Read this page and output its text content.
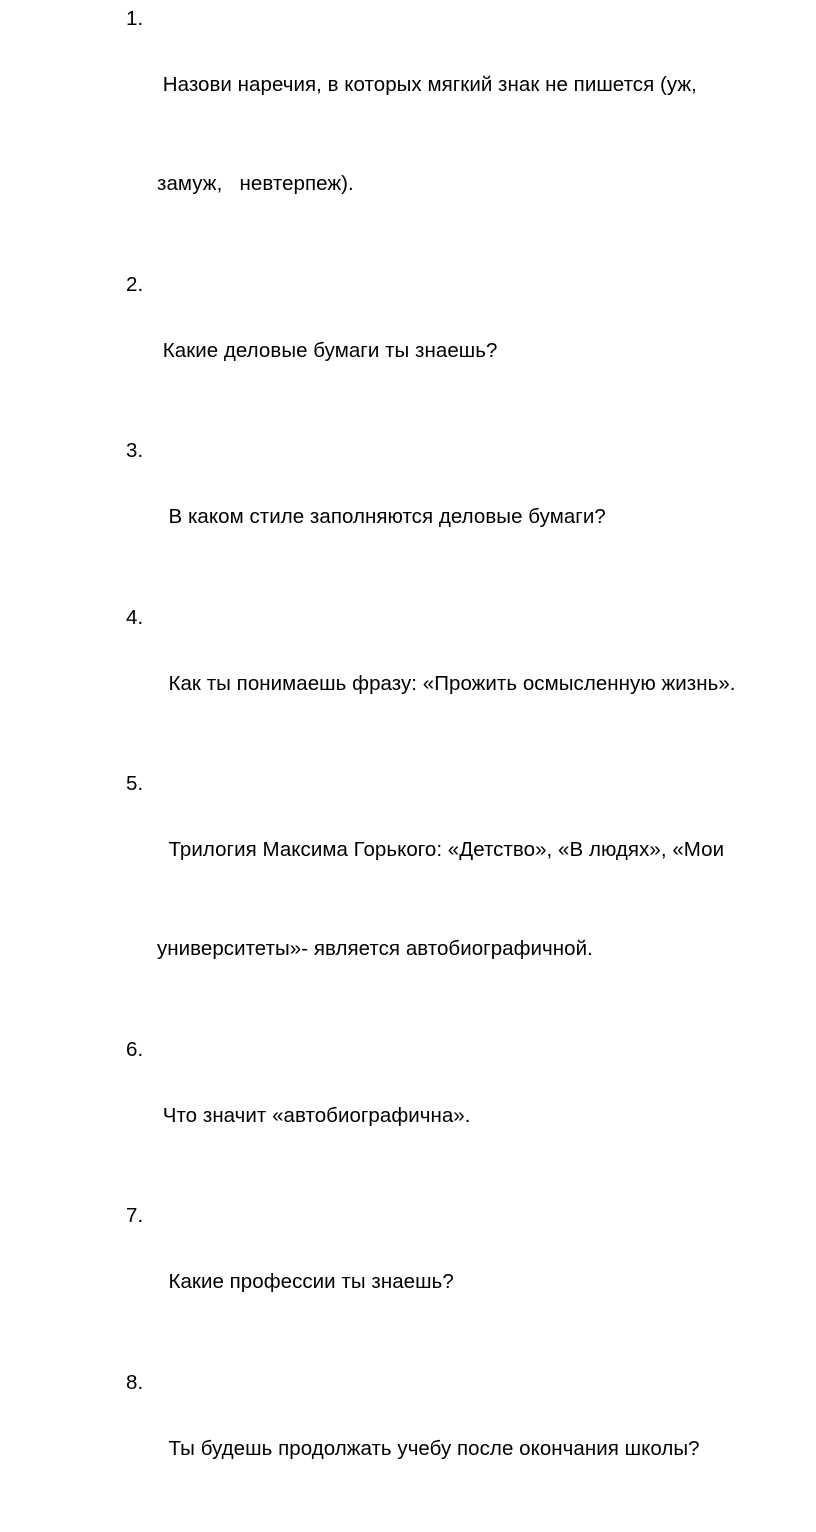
1.

Назови наречия, в которых мягкий знак не пишется (уж,

замуж,   невтерпеж).

2.

Какие деловые бумаги ты знаешь?

3.

В каком стиле заполняются деловые бумаги?

4.

Как ты понимаешь фразу: «Прожить осмысленную жизнь».

5.

Трилогия Максима Горького: «Детство», «В людях», «Мои

университеты»- является автобиографичной.

6.

Что значит «автобиографична».

7.

Какие профессии ты знаешь?

8.

Ты будешь продолжать учебу после окончания школы?
